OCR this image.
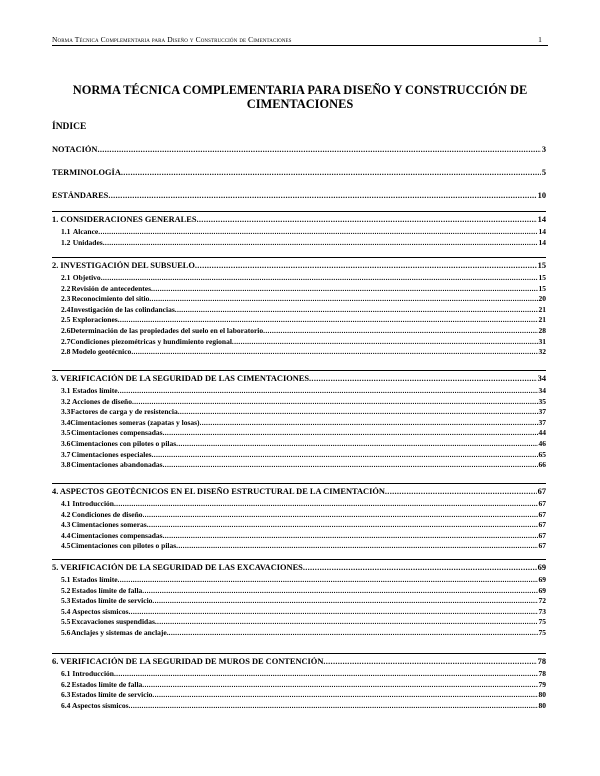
Norma Técnica Complementaria para Diseño y Construcción de Cimentaciones	1
NORMA TÉCNICA COMPLEMENTARIA PARA DISEÑO Y CONSTRUCCIÓN DE CIMENTACIONES
ÍNDICE
NOTACIÓN .....	3
TERMINOLOGÍA .....	5
ESTÁNDARES .....	10
1. CONSIDERACIONES GENERALES .....	14
1.1 Alcance .....	14
1.2 Unidades .....	14
2. INVESTIGACIÓN DEL SUBSUELO .....	15
2.1 Objetivo .....	15
2.2 Revisión de antecedentes .....	15
2.3 Reconocimiento del sitio .....	20
2.4 Investigación de las colindancias .....	21
2.5 Exploraciones .....	21
2.6 Determinación de las propiedades del suelo en el laboratorio .....	28
2.7 Condiciones piezométricas y hundimiento regional .....	31
2.8 Modelo geotécnico .....	32
3. VERIFICACIÓN DE LA SEGURIDAD DE LAS CIMENTACIONES .....	34
3.1 Estados límite .....	34
3.2 Acciones de diseño .....	35
3.3 Factores de carga y de resistencia .....	37
3.4 Cimentaciones someras (zapatas y losas) .....	37
3.5 Cimentaciones compensadas .....	44
3.6 Cimentaciones con pilotes o pilas .....	46
3.7 Cimentaciones especiales .....	65
3.8 Cimentaciones abandonadas .....	66
4. ASPECTOS GEOTÉCNICOS EN EL DISEÑO ESTRUCTURAL DE LA CIMENTACIÓN .....	67
4.1 Introducción .....	67
4.2 Condiciones de diseño .....	67
4.3 Cimentaciones someras .....	67
4.4 Cimentaciones compensadas .....	67
4.5 Cimentaciones con pilotes o pilas .....	67
5. VERIFICACIÓN DE LA SEGURIDAD DE LAS EXCAVACIONES .....	69
5.1 Estados límite .....	69
5.2 Estados límite de falla .....	69
5.3 Estados límite de servicio .....	72
5.4 Aspectos sísmicos .....	73
5.5 Excavaciones suspendidas .....	75
5.6 Anclajes y sistemas de anclaje. .....	75
6. VERIFICACIÓN DE LA SEGURIDAD DE MUROS DE CONTENCIÓN .....	78
6.1 Introducción .....	78
6.2 Estados límite de falla .....	79
6.3 Estados límite de servicio .....	80
6.4 Aspectos sísmicos .....	80
